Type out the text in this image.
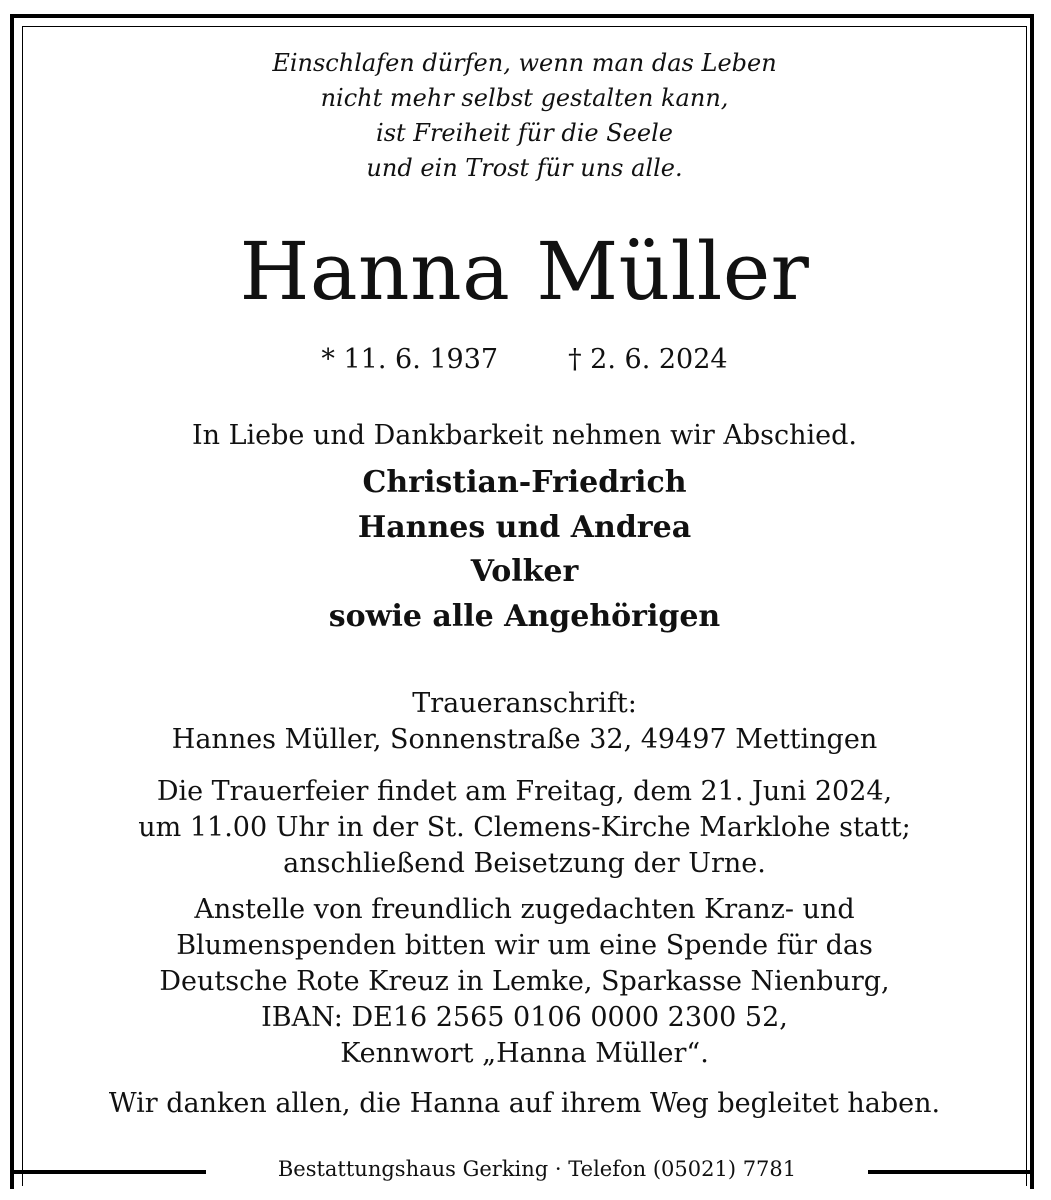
Einschlafen dürfen, wenn man das Leben
nicht mehr selbst gestalten kann,
ist Freiheit für die Seele
und ein Trost für uns alle.
Hanna Müller
* 11. 6. 1937	† 2. 6. 2024
In Liebe und Dankbarkeit nehmen wir Abschied.
Christian-Friedrich
Hannes und Andrea
Volker
sowie alle Angehörigen
Traueranschrift:
Hannes Müller, Sonnenstraße 32, 49497 Mettingen
Die Trauerfeier findet am Freitag, dem 21. Juni 2024,
um 11.00 Uhr in der St. Clemens-Kirche Marklohe statt;
anschließend Beisetzung der Urne.
Anstelle von freundlich zugedachten Kranz- und
Blumenspenden bitten wir um eine Spende für das
Deutsche Rote Kreuz in Lemke, Sparkasse Nienburg,
IBAN: DE16 2565 0106 0000 2300 52,
Kennwort „Hanna Müller“.
Wir danken allen, die Hanna auf ihrem Weg begleitet haben.
Bestattungshaus Gerking · Telefon (05021) 7781
